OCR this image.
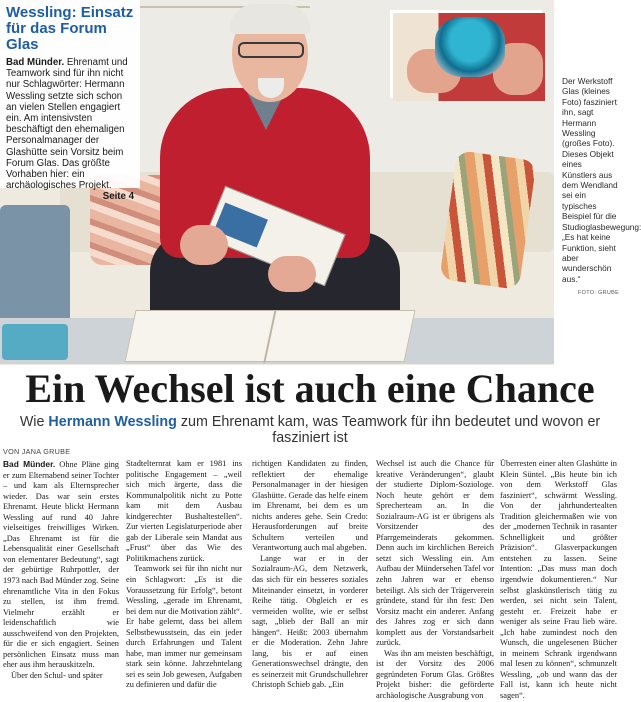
Wessling: Einsatz für das Forum Glas

Bad Münder. Ehrenamt und Teamwork sind für ihn nicht nur Schlagwörter: Hermann Wessling setzte sich schon an vielen Stellen engagiert ein. Am intensivsten beschäftigt den ehemaligen Personalmanager der Glashütte sein Vorsitz beim Forum Glas. Das größte Vorhaben hier: ein archäologisches Projekt.
Seite 4

Der Werkstoff Glas (kleines Foto) fasziniert ihn, sagt Hermann Wessling (großes Foto). Dieses Objekt eines Künstlers aus dem Wendland sei ein typisches Beispiel für die Studioglasbewegung: „Es hat keine Funktion, sieht aber wunderschön aus.“
FOTO: GRUBE
Ein Wechsel ist auch eine Chance
Wie Hermann Wessling zum Ehrenamt kam, was Teamwork für ihn bedeutet und wovon er fasziniert ist
VON JANA GRUBE

Bad Münder. Ohne Pläne ging er zum Elternabend seiner Tochter – und kam als Elternsprecher wieder. Das war sein erstes Ehrenamt. Heute blickt Hermann Wessling auf rund 40 Jahre vielseitiges freiwilliges Wirken. „Das Ehrenamt ist für die Lebensqualität einer Gesellschaft von elementarer Bedeutung“, sagt der gebürtige Ruhrpottler, der 1973 nach Bad Münder zog. Seine ehrenamtliche Vita in den Fokus zu stellen, ist ihm fremd. Vielmehr erzählt er leidenschaftlich wie ausschweifend von den Projekten, für die er sich engagiert. Seinen persönlichen Einsatz muss man eher aus ihm herauskitzeln.

Über den Schul- und später

Stadtelternrat kam er 1981 ins politische Engagement – „weil sich mich ärgerte, dass die Kommunalpolitik nicht zu Potte kam mit dem Ausbau kindgerechter Bushaltestellen“. Zur vierten Legislaturperiode aber gab der Liberale sein Mandat aus „Frust“ über das Wie des Politikmachens zurück.

Teamwork sei für ihn nicht nur ein Schlagwort: „Es ist die Voraussetzung für Erfolg“, betont Wessling, „gerade im Ehrenamt, bei dem nur die Motivation zählt“. Er habe gelernt, dass bei allem Selbstbewusstsein, das ein jeder durch Erfahrungen und Talent habe, man immer nur gemeinsam stark sein könne. Jahrzehntelang sei es sein Job gewesen, Aufgaben zu definieren und dafür die

richtigen Kandidaten zu finden, reflektiert der ehemalige Personalmanager in der hiesigen Glashütte. Gerade das helfe einem im Ehrenamt, bei dem es um nichts anderes gehe. Sein Credo: Herausforderungen auf breite Schultern verteilen und Verantwortung auch mal abgeben.

Lange war er in der Sozialraum-AG, dem Netzwerk, das sich für ein besseres soziales Miteinander einsetzt, in vorderer Reihe tätig. Obgleich er es vermeiden wollte, wie er selbst sagt, „blieb der Ball an mir hängen“. Heißt: 2003 übernahm er die Moderation. Zehn Jahre lang, bis er auf einen Generationswechsel drängte, den es seinerzeit mit Grundschullehrer Christoph Schieb gab. „Ein

Wechsel ist auch die Chance für kreative Veränderungen“, glaubt der studierte Diplom-Soziologe. Noch heute gehört er dem Sprecherteam an. In die Sozialraum-AG ist er übrigens als Vorsitzender des Pfarrgemeinderats gekommen. Denn auch im kirchlichen Bereich setzt sich Wessling ein. Am Aufbau der Mündersehen Tafel vor zehn Jahren war er ebenso beteiligt. Als sich der Trägerverein gründete, stand für ihn fest: Den Vorsitz macht ein anderer. Anfang des Jahres zog er sich dann komplett aus der Vorstandsarbeit zurück.

Was ihn am meisten beschäftigt, ist der Vorsitz des 2006 gegründeten Forum Glas. Größtes Projekt bisher: die geförderte archäologische Ausgrabung von

Überresten einer alten Glashütte in Klein Süntel. „Bis heute bin ich von dem Werkstoff Glas fasziniert“, schwärmt Wessling. Von der jahrhundertealten Tradition gleichermaßen wie von der „modernen Technik in rasanter Schnelligkeit und größter Präzision“. Glasverpackungen entstehen zu lassen. Seine Intention: „Das muss man doch irgendwie dokumentieren.“ Nur selbst glaskünstlerisch tätig zu werden, sei nicht sein Talent, gesteht er. Freizeit habe er weniger als seine Frau lieb wäre. „Ich habe zumindest noch den Wunsch, die ungelesenen Bücher in meinem Schrank irgendwann mal lesen zu können“, schmunzelt Wessling, „ob und wann das der Fall ist, kann ich heute nicht sagen“.
